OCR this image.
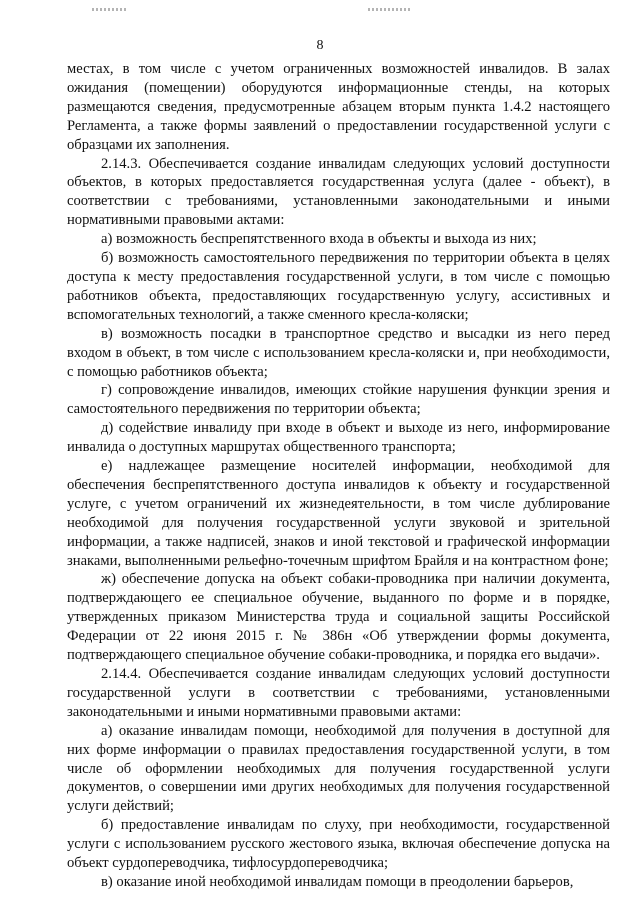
8

местах, в том числе с учетом ограниченных возможностей инвалидов. В залах ожидания (помещении) оборудуются информационные стенды, на которых размещаются сведения, предусмотренные абзацем вторым пункта 1.4.2 настоящего Регламента, а также формы заявлений о предоставлении государственной услуги с образцами их заполнения.

2.14.3. Обеспечивается создание инвалидам следующих условий доступности объектов, в которых предоставляется государственная услуга (далее - объект), в соответствии с требованиями, установленными законодательными и иными нормативными правовыми актами:

а) возможность беспрепятственного входа в объекты и выхода из них;

б) возможность самостоятельного передвижения по территории объекта в целях доступа к месту предоставления государственной услуги, в том числе с помощью работников объекта, предоставляющих государственную услугу, ассистивных и вспомогательных технологий, а также сменного кресла-коляски;

в) возможность посадки в транспортное средство и высадки из него перед входом в объект, в том числе с использованием кресла-коляски и, при необходимости, с помощью работников объекта;

г) сопровождение инвалидов, имеющих стойкие нарушения функции зрения и самостоятельного передвижения по территории объекта;

д) содействие инвалиду при входе в объект и выходе из него, информирование инвалида о доступных маршрутах общественного транспорта;

е) надлежащее размещение носителей информации, необходимой для обеспечения беспрепятственного доступа инвалидов к объекту и государственной услуге, с учетом ограничений их жизнедеятельности, в том числе дублирование необходимой для получения государственной услуги звуковой и зрительной информации, а также надписей, знаков и иной текстовой и графической информации знаками, выполненными рельефно-точечным шрифтом Брайля и на контрастном фоне;

ж) обеспечение допуска на объект собаки-проводника при наличии документа, подтверждающего ее специальное обучение, выданного по форме и в порядке, утвержденных приказом Министерства труда и социальной защиты Российской Федерации от 22 июня 2015 г. № 386н «Об утверждении формы документа, подтверждающего специальное обучение собаки-проводника, и порядка его выдачи».

2.14.4. Обеспечивается создание инвалидам следующих условий доступности государственной услуги в соответствии с требованиями, установленными законодательными и иными нормативными правовыми актами:

а) оказание инвалидам помощи, необходимой для получения в доступной для них форме информации о правилах предоставления государственной услуги, в том числе об оформлении необходимых для получения государственной услуги документов, о совершении ими других необходимых для получения государственной услуги действий;

б) предоставление инвалидам по слуху, при необходимости, государственной услуги с использованием русского жестового языка, включая обеспечение допуска на объект сурдопереводчика, тифлосурдопереводчика;

в) оказание иной необходимой инвалидам помощи в преодолении барьеров,
